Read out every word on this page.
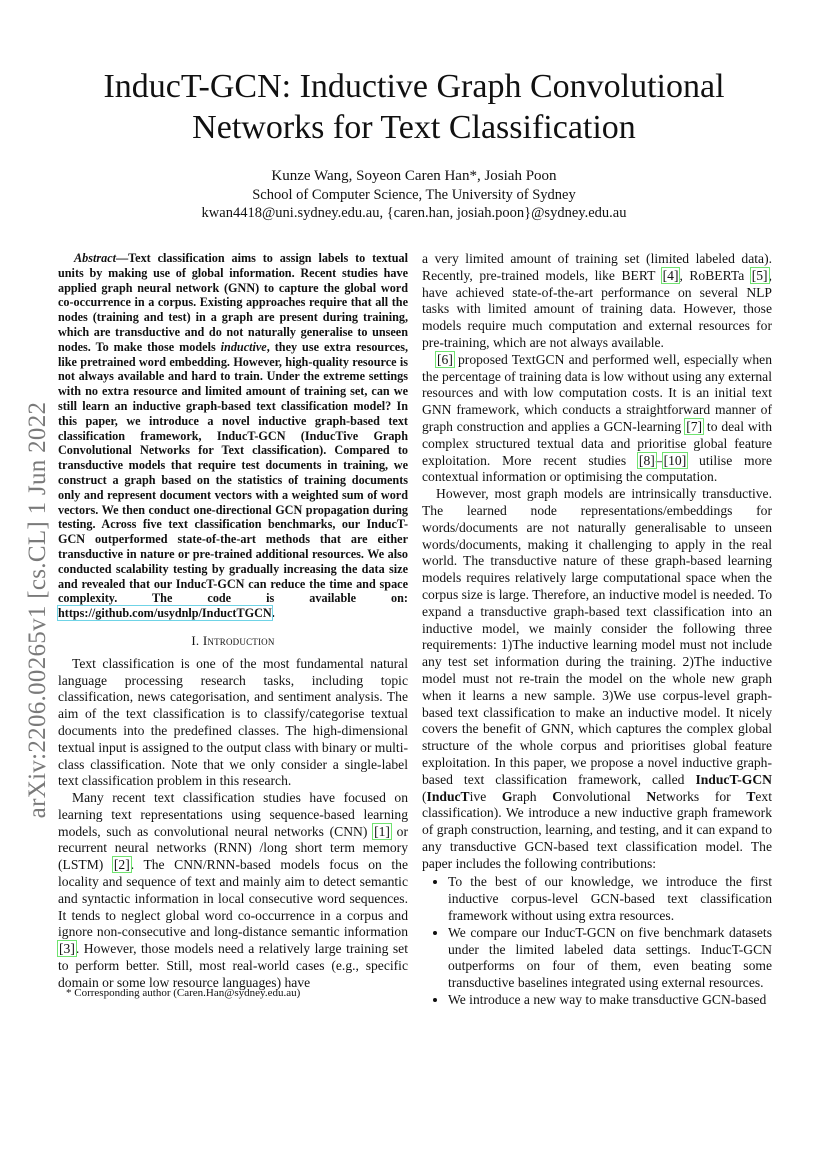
arXiv:2206.00265v1 [cs.CL] 1 Jun 2022
InducT-GCN: Inductive Graph Convolutional
Networks for Text Classification
Kunze Wang, Soyeon Caren Han*, Josiah Poon
School of Computer Science, The University of Sydney
kwan4418@uni.sydney.edu.au, {caren.han, josiah.poon}@sydney.edu.au

Abstract—Text classification aims to assign labels to textual units by making use of global information. Recent studies have applied graph neural network (GNN) to capture the global word co-occurrence in a corpus. Existing approaches require that all the nodes (training and test) in a graph are present during training, which are transductive and do not naturally generalise to unseen nodes. To make those models inductive, they use extra resources, like pretrained word embedding. However, high-quality resource is not always available and hard to train. Under the extreme settings with no extra resource and limited amount of training set, can we still learn an inductive graph-based text classification model? In this paper, we introduce a novel inductive graph-based text classification framework, InducT-GCN (InducTive Graph Convolutional Networks for Text classification). Compared to transductive models that require test documents in training, we construct a graph based on the statistics of training documents only and represent document vectors with a weighted sum of word vectors. We then conduct one-directional GCN propagation during testing. Across five text classification benchmarks, our InducT-GCN outperformed state-of-the-art methods that are either transductive in nature or pre-trained additional resources. We also conducted scalability testing by gradually increasing the data size and revealed that our InducT-GCN can reduce the time and space complexity. The code is available on: https://github.com/usydnlp/InductTGCN.

I. Introduction

Text classification is one of the most fundamental natural language processing research tasks, including topic classification, news categorisation, and sentiment analysis. The aim of the text classification is to classify/categorise textual documents into the predefined classes. The high-dimensional textual input is assigned to the output class with binary or multi-class classification. Note that we only consider a single-label text classification problem in this research.

Many recent text classification studies have focused on learning text representations using sequence-based learning models, such as convolutional neural networks (CNN) [1] or recurrent neural networks (RNN) /long short term memory (LSTM) [2]. The CNN/RNN-based models focus on the locality and sequence of text and mainly aim to detect semantic and syntactic information in local consecutive word sequences. It tends to neglect global word co-occurrence in a corpus and ignore non-consecutive and long-distance semantic information [3]. However, those models need a relatively large training set to perform better. Still, most real-world cases (e.g., specific domain or some low resource languages) have

* Corresponding author (Caren.Han@sydney.edu.au)

a very limited amount of training set (limited labeled data). Recently, pre-trained models, like BERT [4], RoBERTa [5], have achieved state-of-the-art performance on several NLP tasks with limited amount of training data. However, those models require much computation and external resources for pre-training, which are not always available.

[6] proposed TextGCN and performed well, especially when the percentage of training data is low without using any external resources and with low computation costs. It is an initial text GNN framework, which conducts a straightforward manner of graph construction and applies a GCN-learning [7] to deal with complex structured textual data and prioritise global feature exploitation. More recent studies [8]–[10] utilise more contextual information or optimising the computation.

However, most graph models are intrinsically transductive. The learned node representations/embeddings for words/documents are not naturally generalisable to unseen words/documents, making it challenging to apply in the real world. The transductive nature of these graph-based learning models requires relatively large computational space when the corpus size is large. Therefore, an inductive model is needed. To expand a transductive graph-based text classification into an inductive model, we mainly consider the following three requirements: 1)The inductive learning model must not include any test set information during the training. 2)The inductive model must not re-train the model on the whole new graph when it learns a new sample. 3)We use corpus-level graph-based text classification to make an inductive model. It nicely covers the benefit of GNN, which captures the complex global structure of the whole corpus and prioritises global feature exploitation. In this paper, we propose a novel inductive graph-based text classification framework, called InducT-GCN (InducTive Graph Convolutional Networks for Text classification). We introduce a new inductive graph framework of graph construction, learning, and testing, and it can expand to any transductive GCN-based text classification model. The paper includes the following contributions:

• To the best of our knowledge, we introduce the first inductive corpus-level GCN-based text classification framework without using extra resources.
• We compare our InducT-GCN on five benchmark datasets under the limited labeled data settings. InducT-GCN outperforms on four of them, even beating some transductive baselines integrated using external resources.
• We introduce a new way to make transductive GCN-based
